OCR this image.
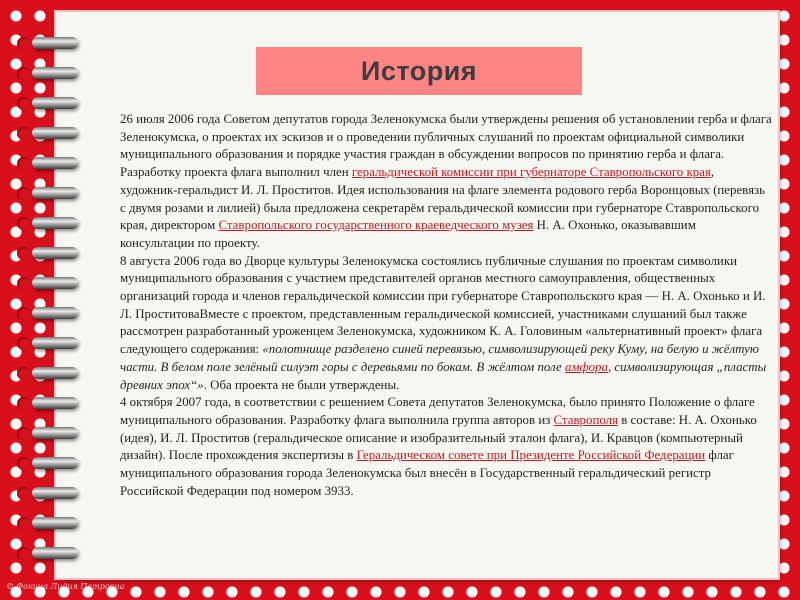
История

26 июля 2006 года Советом депутатов города Зеленокумска были утверждены решения об установлении герба и флага Зеленокумска, о проектах их эскизов и о проведении публичных слушаний по проектам официальной символики муниципального образования и порядке участия граждан в обсуждении вопросов по принятию герба и флага.

Разработку проекта флага выполнил член геральдической комиссии при губернаторе Ставропольского края, художник-геральдист И. Л. Проститов. Идея использования на флаге элемента родового герба Воронцовых (перевязь с двумя розами и лилией) была предложена секретарём геральдической комиссии при губернаторе Ставропольского края, директором Ставропольского государственного краеведческого музея Н. А. Охонько, оказывавшим консультации по проекту.

8 августа 2006 года во Дворце культуры Зеленокумска состоялись публичные слушания по проектам символики муниципального образования с участием представителей органов местного самоуправления, общественных организаций города и членов геральдической комиссии при губернаторе Ставропольского края — Н. А. Охонько и И. Л. ПроститоваВместе с проектом, представленным геральдической комиссией, участниками слушаний был также рассмотрен разработанный уроженцем Зеленокумска, художником К. А. Головиным «альтернативный проект» флага следующего содержания: «полотнище разделено синей перевязью, символизирующей реку Куму, на белую и жёлтую части. В белом поле зелёный силуэт горы с деревьями по бокам. В жёлтом поле амфора, символизирующая „пласты древних эпох“». Оба проекта не были утверждены.

4 октября 2007 года, в соответствии с решением Совета депутатов Зеленокумска, было принято Положение о флаге муниципального образования. Разработку флага выполнила группа авторов из Ставрополя в составе: Н. А. Охонько (идея), И. Л. Проститов (геральдическое описание и изобразительный эталон флага), И. Кравцов (компьютерный дизайн). После прохождения экспертизы в Геральдическом совете при Президенте Российской Федерации флаг муниципального образования города Зеленокумска был внесён в Государственный геральдический регистр Российской Федерации под номером 3933.

© Фокина Лидия Петровна
